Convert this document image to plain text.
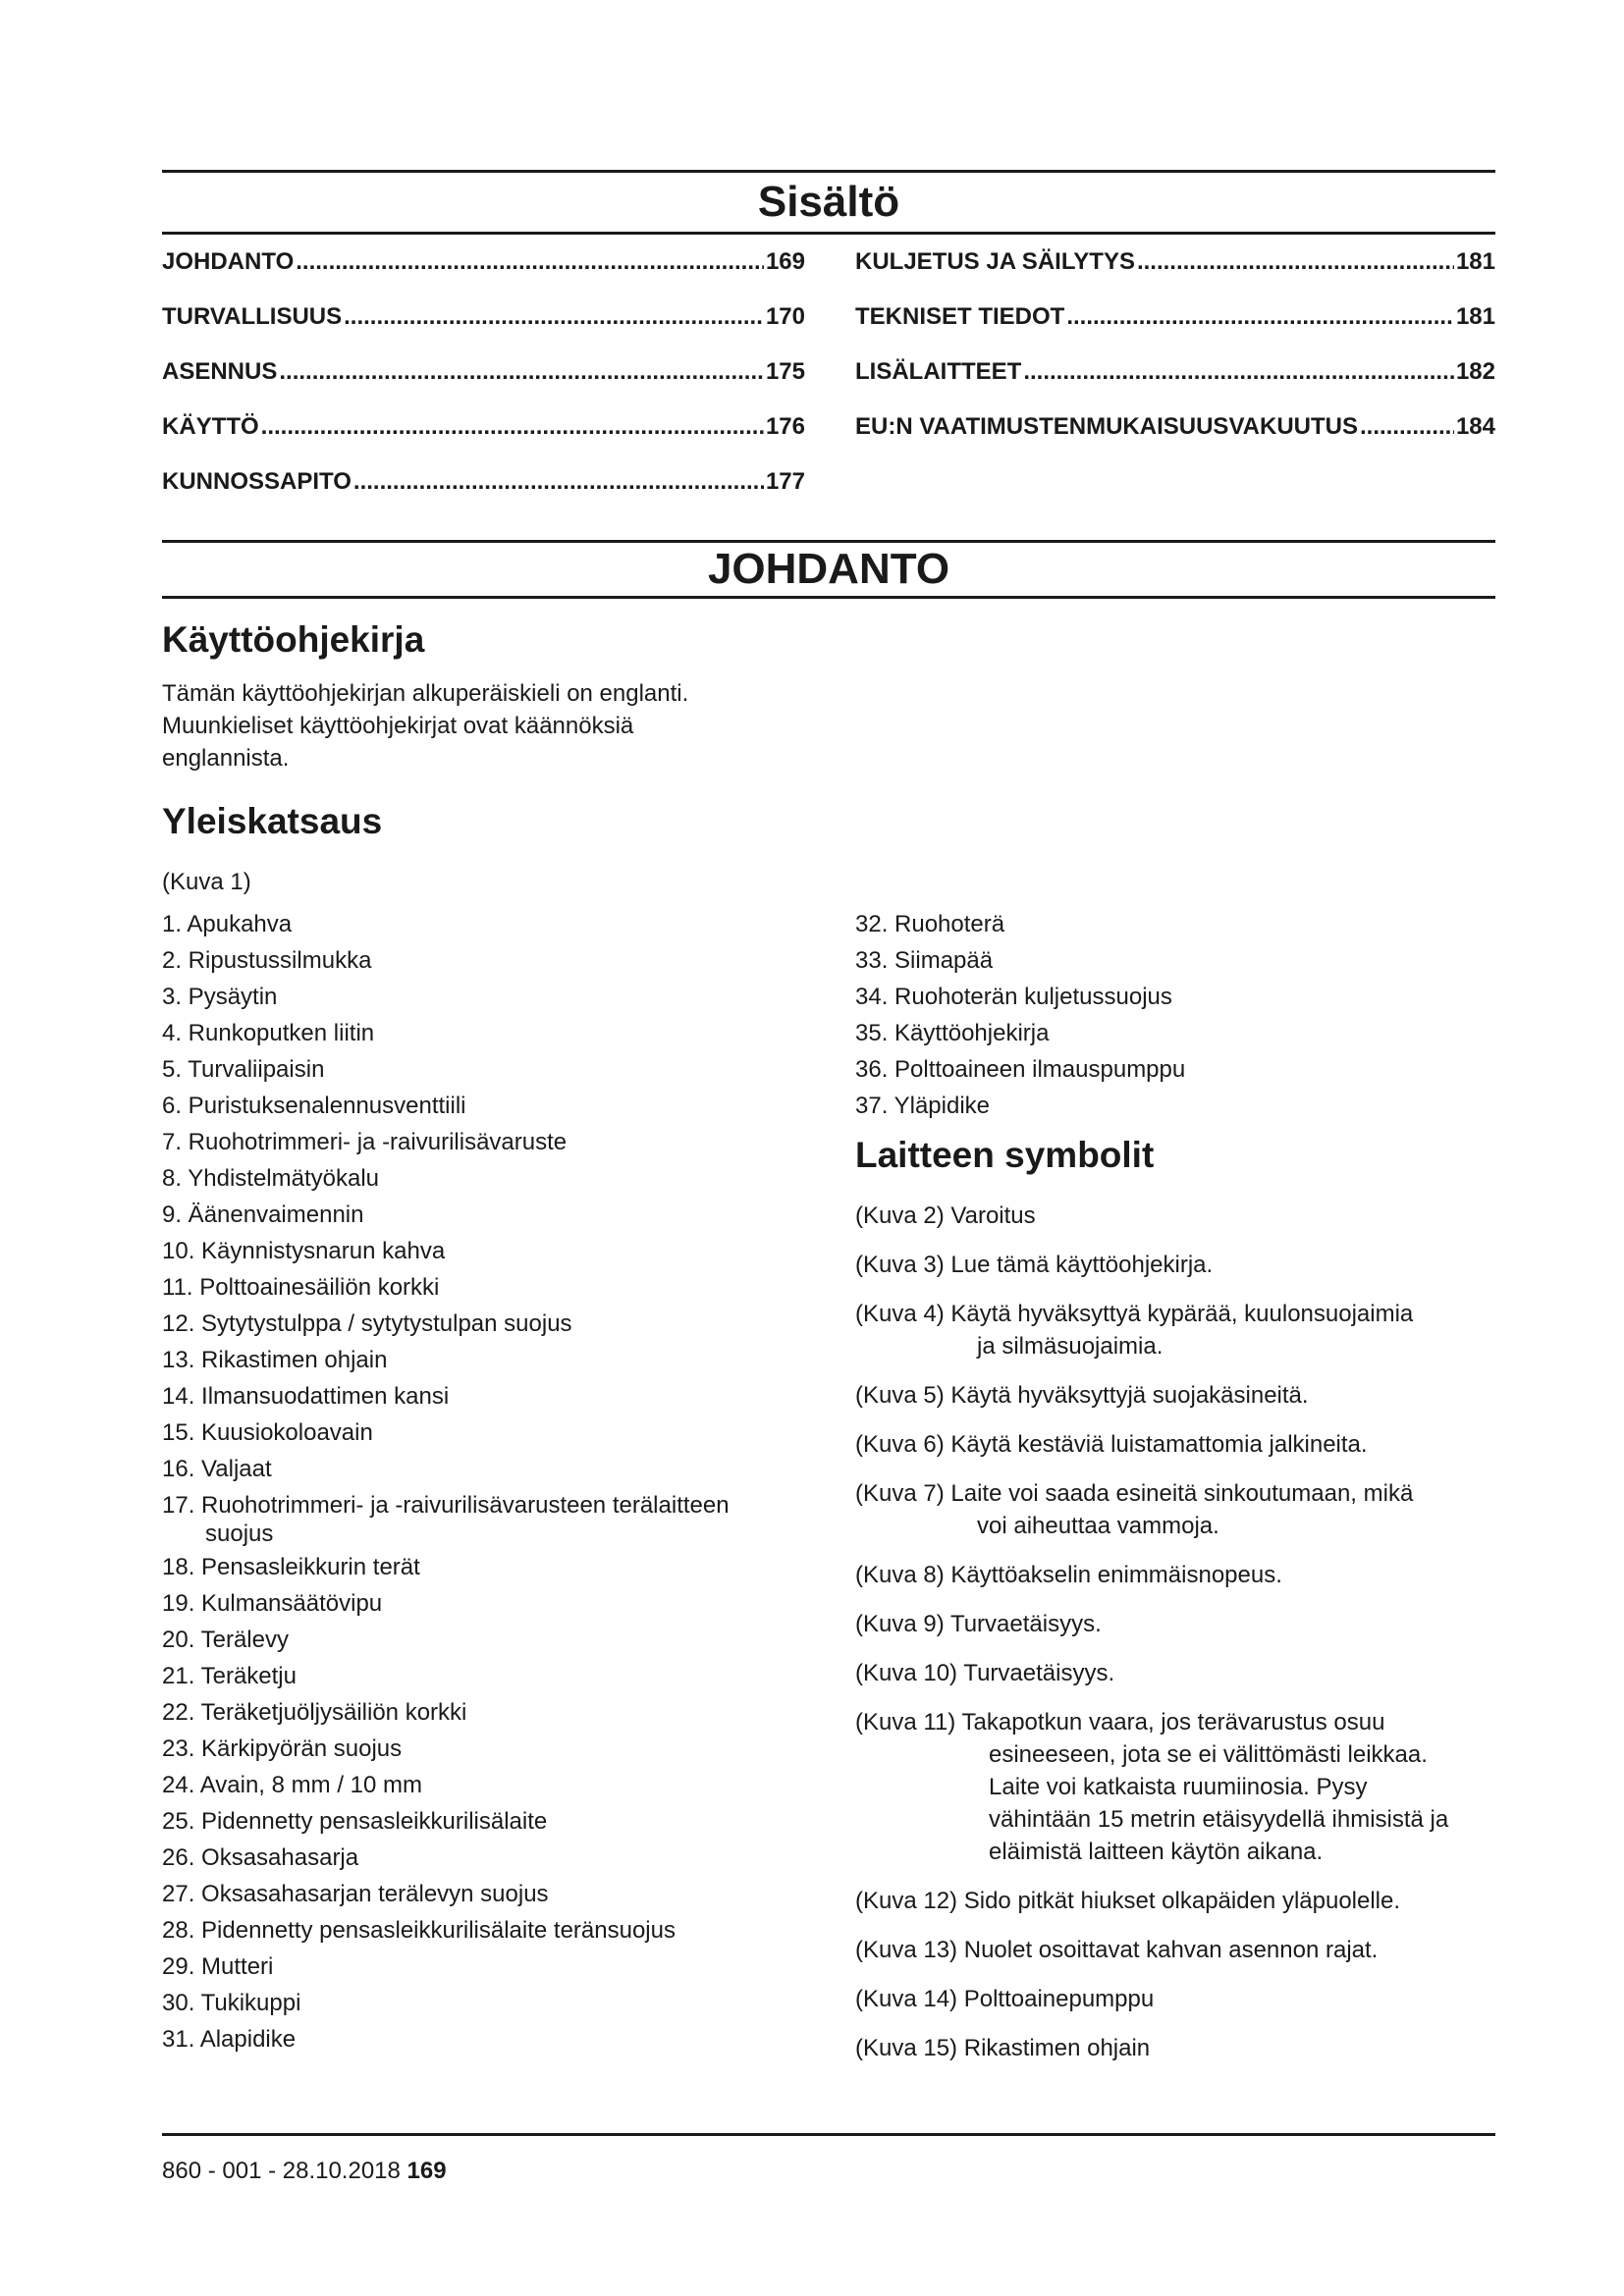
Sisältö
JOHDANTO .....	169
TURVALLISUUS .....	170
ASENNUS .....	175
KÄYTTÖ .....	176
KUNNOSSAPITO .....	177
KULJETUS JA SÄILYTYS .....	181
TEKNISET TIEDOT .....	181
LISÄLAITTEET .....	182
EU:N VAATIMUSTENMUKAISUUSVAKUUTUS .....	184
JOHDANTO
Käyttöohjekirja
Tämän käyttöohjekirjan alkuperäiskieli on englanti.
Muunkieliset käyttöohjekirjat ovat käännöksiä
englannista.
Yleiskatsaus
(Kuva 1)
1. Apukahva
2. Ripustussilmukka
3. Pysäytin
4. Runkoputken liitin
5. Turvaliipaisin
6. Puristuksenalennusventtiili
7. Ruohotrimmeri- ja -raivurilisävaruste
8. Yhdistelmätyökalu
9. Äänenvaimennin
10. Käynnistysnarun kahva
11. Polttoainesäiliön korkki
12. Sytytystulppa / sytytystulpan suojus
13. Rikastimen ohjain
14. Ilmansuodattimen kansi
15. Kuusiokoloavain
16. Valjaat
17. Ruohotrimmeri- ja -raivurilisävarusteen terälaitteen
suojus
18. Pensasleikkurin terät
19. Kulmansäätövipu
20. Terälevy
21. Teräketju
22. Teräketjuöljysäiliön korkki
23. Kärkipyörän suojus
24. Avain, 8 mm / 10 mm
25. Pidennetty pensasleikkurilisälaite
26. Oksasahasarja
27. Oksasahasarjan terälevyn suojus
28. Pidennetty pensasleikkurilisälaite teränsuojus
29. Mutteri
30. Tukikuppi
31. Alapidike
32. Ruohoterä
33. Siimapää
34. Ruohoterän kuljetussuojus
35. Käyttöohjekirja
36. Polttoaineen ilmauspumppu
37. Yläpidike
Laitteen symbolit
(Kuva 2) Varoitus
(Kuva 3) Lue tämä käyttöohjekirja.
(Kuva 4) Käytä hyväksyttyä kypärää, kuulonsuojaimia
ja silmäsuojaimia.
(Kuva 5) Käytä hyväksyttyjä suojakäsineitä.
(Kuva 6) Käytä kestäviä luistamattomia jalkineita.
(Kuva 7) Laite voi saada esineitä sinkoutumaan, mikä
voi aiheuttaa vammoja.
(Kuva 8) Käyttöakselin enimmäisnopeus.
(Kuva 9) Turvaetäisyys.
(Kuva 10) Turvaetäisyys.
(Kuva 11) Takapotkun vaara, jos terävarustus osuu
esineeseen, jota se ei välittömästi leikkaa.
Laite voi katkaista ruumiinosia. Pysy
vähintään 15 metrin etäisyydellä ihmisistä ja
eläimistä laitteen käytön aikana.
(Kuva 12) Sido pitkät hiukset olkapäiden yläpuolelle.
(Kuva 13) Nuolet osoittavat kahvan asennon rajat.
(Kuva 14) Polttoainepumppu
(Kuva 15) Rikastimen ohjain
860 - 001 - 28.10.2018 169
